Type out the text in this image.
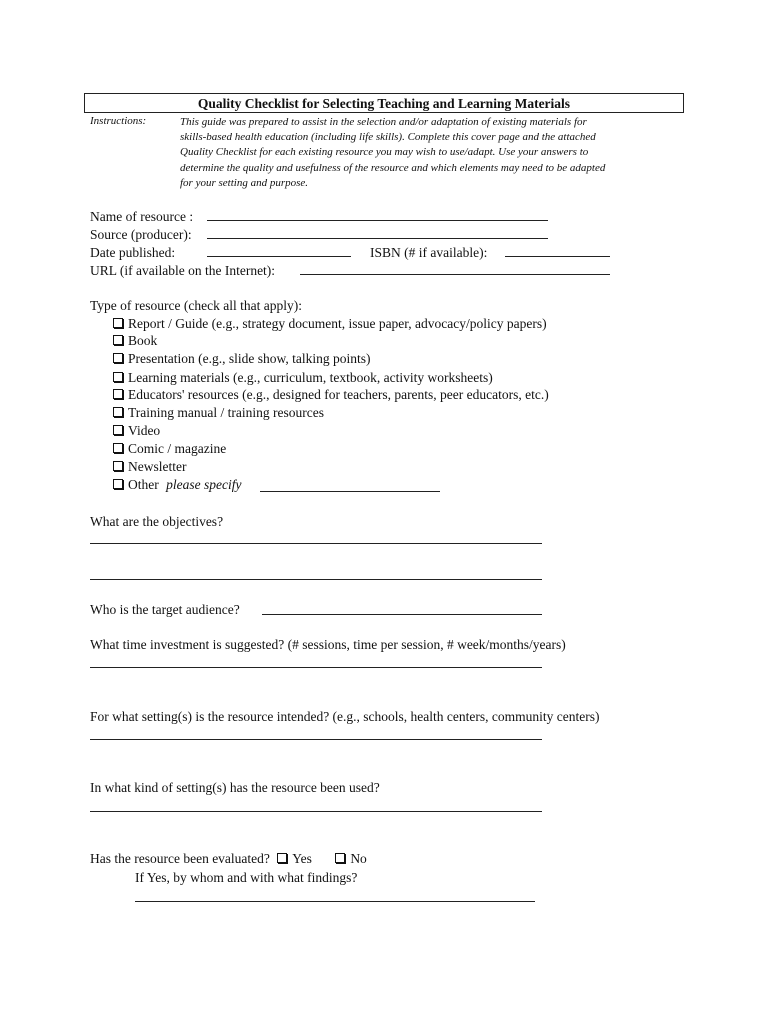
Quality Checklist for Selecting Teaching and Learning Materials
Instructions:	This guide was prepared to assist in the selection and/or adaptation of existing materials for
skills-based health education (including life skills). Complete this cover page and the attached
Quality Checklist for each existing resource you may wish to use/adapt. Use your answers to
determine the quality and usefulness of the resource and which elements may need to be adapted
for your setting and purpose.
Name of resource :
Source (producer):
Date published:	ISBN (# if available):
URL (if available on the Internet):
Type of resource (check all that apply):
Report / Guide (e.g., strategy document, issue paper, advocacy/policy papers)
Book
Presentation (e.g., slide show, talking points)
Learning materials (e.g., curriculum, textbook, activity worksheets)
Educators' resources (e.g., designed for teachers, parents, peer educators, etc.)
Training manual / training resources
Video
Comic / magazine
Newsletter
Other please specify
What are the objectives?
Who is the target audience?
What time investment is suggested? (# sessions, time per session, # week/months/years)
For what setting(s) is the resource intended? (e.g., schools, health centers, community centers)
In what kind of setting(s) has the resource been used?
Has the resource been evaluated? Yes	No
If Yes, by whom and with what findings?
